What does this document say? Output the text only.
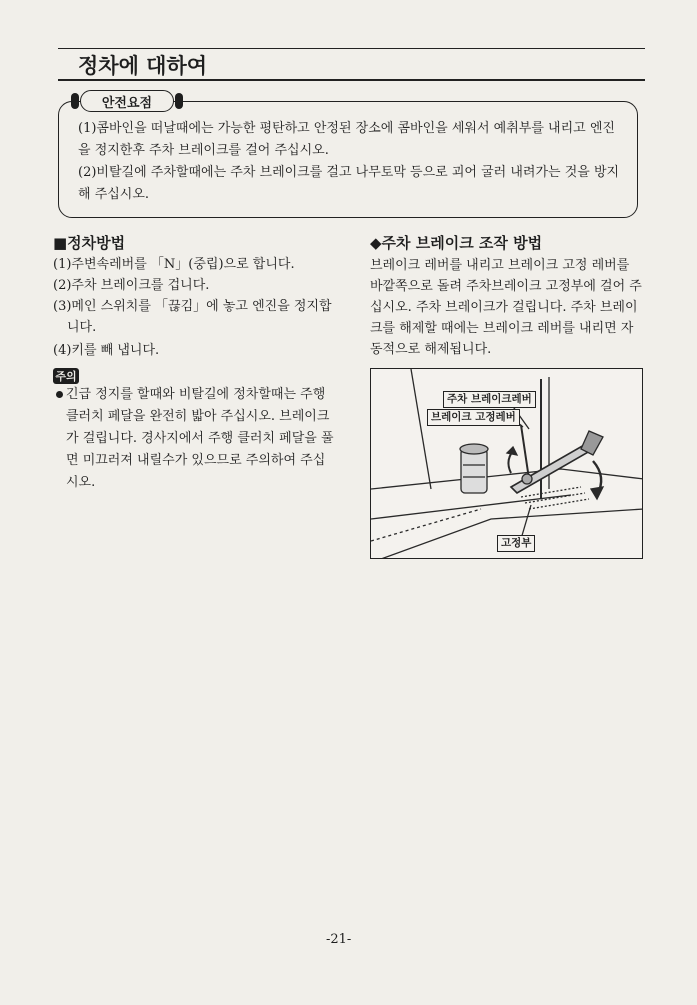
정차에 대하여
안전요점
(1)콤바인을 떠날때에는 가능한 평탄하고 안정된 장소에 콤바인을 세워서 예취부를 내리고 엔진을 정지한후 주차 브레이크를 걸어 주십시오.
(2)비탈길에 주차할때에는 주차 브레이크를 걸고 나무토막 등으로 괴어 굴러 내려가는 것을 방지해 주십시오.
■정차방법
(1)주변속레버를 「N」(중립)으로 합니다.
(2)주차 브레이크를 겁니다.
(3)메인 스위치를 「끊김」에 놓고 엔진을 정지합니다.
(4)키를 빼 냅니다.
주의
긴급 정지를 할때와 비탈길에 정차할때는 주행 클러치 페달을 완전히 밟아 주십시오. 브레이크가 걸립니다. 경사지에서 주행 클러치 페달을 풀면 미끄러져 내릴수가 있으므로 주의하여 주십시오.
◆주차 브레이크 조작 방법
브레이크 레버를 내리고 브레이크 고정 레버를 바깥쪽으로 돌려 주차브레이크 고정부에 걸어 주십시오. 주차 브레이크가 걸립니다. 주차 브레이크를 해제할 때에는 브레이크 레버를 내리면 자동적으로 해제됩니다.
주차 브레이크레버
브레이크 고정레버
고정부
-21-
